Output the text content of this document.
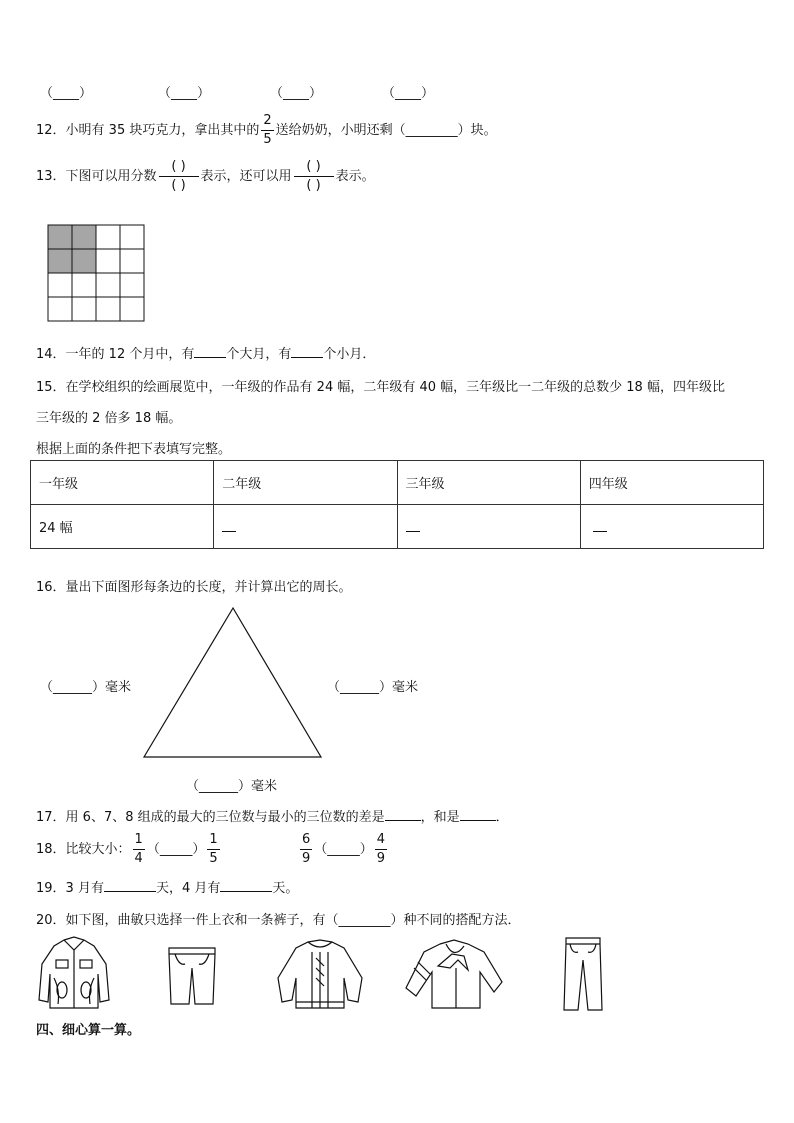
（____）	（____）	（____）	（____）
12．小明有 35 块巧克力，拿出其中的 $\frac{2}{5}$ 送给奶奶，小明还剩（________）块。
13．下图可以用分数 $\frac{( )}{( )}$ 表示，还可以用 $\frac{( )}{( )}$ 表示。
14．一年的 12 个月中，有 个大月，有 个小月．
15．在学校组织的绘画展览中，一年级的作品有 24 幅，二年级有 40 幅，三年级比一二年级的总数少 18 幅，四年级比
三年级的 2 倍多 18 幅。
根据上面的条件把下表填写完整。
一年级	二年级	三年级	四年级
24 幅			
16．量出下面图形每条边的长度，并计算出它的周长。
（______）毫米	（______）毫米
（______）毫米
17．用 6、7、8 组成的最大的三位数与最小的三位数的差是	，和是	．
18．比较大小： $\frac{1}{4}$ （_____） $\frac{1}{5}$	$\frac{6}{9}$ （_____） $\frac{4}{9}$
19．3 月有	天，4 月有	天。
20．如下图，曲敏只选择一件上衣和一条裤子，有（________）种不同的搭配方法．
四、细心算一算。
